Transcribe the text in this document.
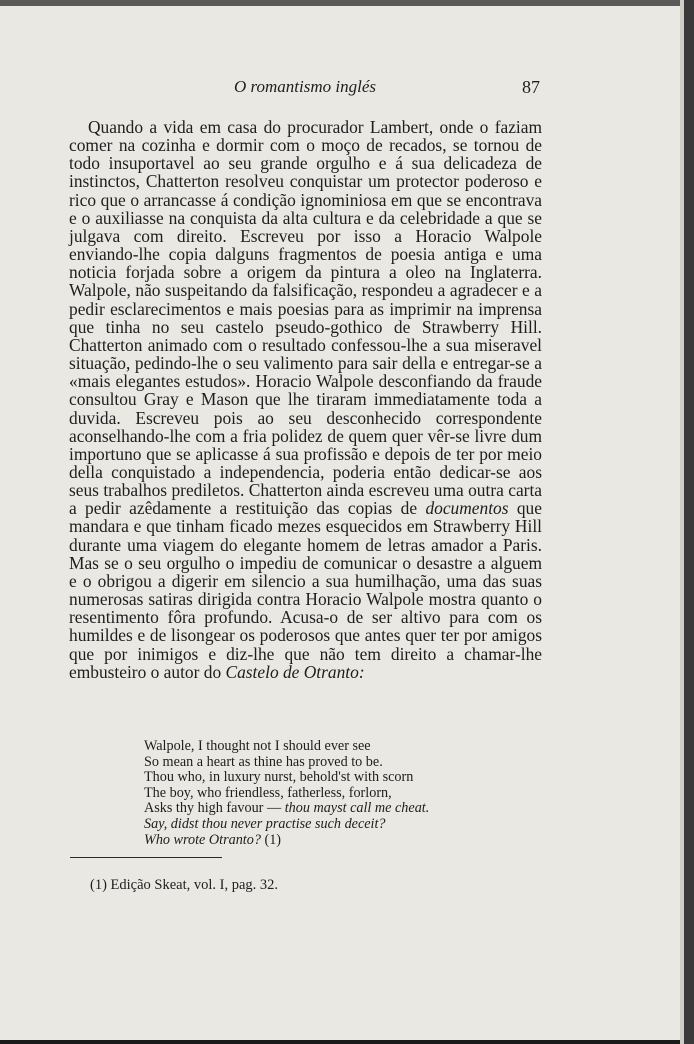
O romantismo inglés	87

Quando a vida em casa do procurador Lambert, onde o faziam comer na cozinha e dormir com o moço de recados, se tornou de todo insuportavel ao seu grande orgulho e á sua delicadeza de instinctos, Chatterton resolveu conquistar um protector poderoso e rico que o arrancasse á condição ignominiosa em que se encontrava e o auxiliasse na conquista da alta cultura e da celebridade a que se julgava com direito. Escreveu por isso a Horacio Walpole enviando-lhe copia dalguns fragmentos de poesia antiga e uma noticia forjada sobre a origem da pintura a oleo na Inglaterra. Walpole, não suspeitando da falsificação, respondeu a agradecer e a pedir esclarecimentos e mais poesias para as imprimir na imprensa que tinha no seu castelo pseudo-gothico de Strawberry Hill. Chatterton animado com o resultado confessou-lhe a sua miseravel situação, pedindo-lhe o seu valimento para sair della e entregar-se a «mais elegantes estudos». Horacio Walpole desconfiando da fraude consultou Gray e Mason que lhe tiraram immediatamente toda a duvida. Escreveu pois ao seu desconhecido correspondente aconselhando-lhe com a fria polidez de quem quer vêr-se livre dum importuno que se aplicasse á sua profissão e depois de ter por meio della conquistado a independencia, poderia então dedicar-se aos seus trabalhos prediletos. Chatterton ainda escreveu uma outra carta a pedir azêdamente a restituição das copias de documentos que mandara e que tinham ficado mezes esquecidos em Strawberry Hill durante uma viagem do elegante homem de letras amador a Paris. Mas se o seu orgulho o impediu de comunicar o desastre a alguem e o obrigou a digerir em silencio a sua humilhação, uma das suas numerosas satiras dirigida contra Horacio Walpole mostra quanto o resentimento fôra profundo. Acusa-o de ser altivo para com os humildes e de lisongear os poderosos que antes quer ter por amigos que por inimigos e diz-lhe que não tem direito a chamar-lhe embusteiro o autor do Castelo de Otranto:

Walpole, I thought not I should ever see
So mean a heart as thine has proved to be.
Thou who, in luxury nurst, behold'st with scorn
The boy, who friendless, fatherless, forlorn,
Asks thy high favour — thou mayst call me cheat.
Say, didst thou never practise such deceit?
Who wrote Otranto? (1)
(1) Edição Skeat, vol. I, pag. 32.
